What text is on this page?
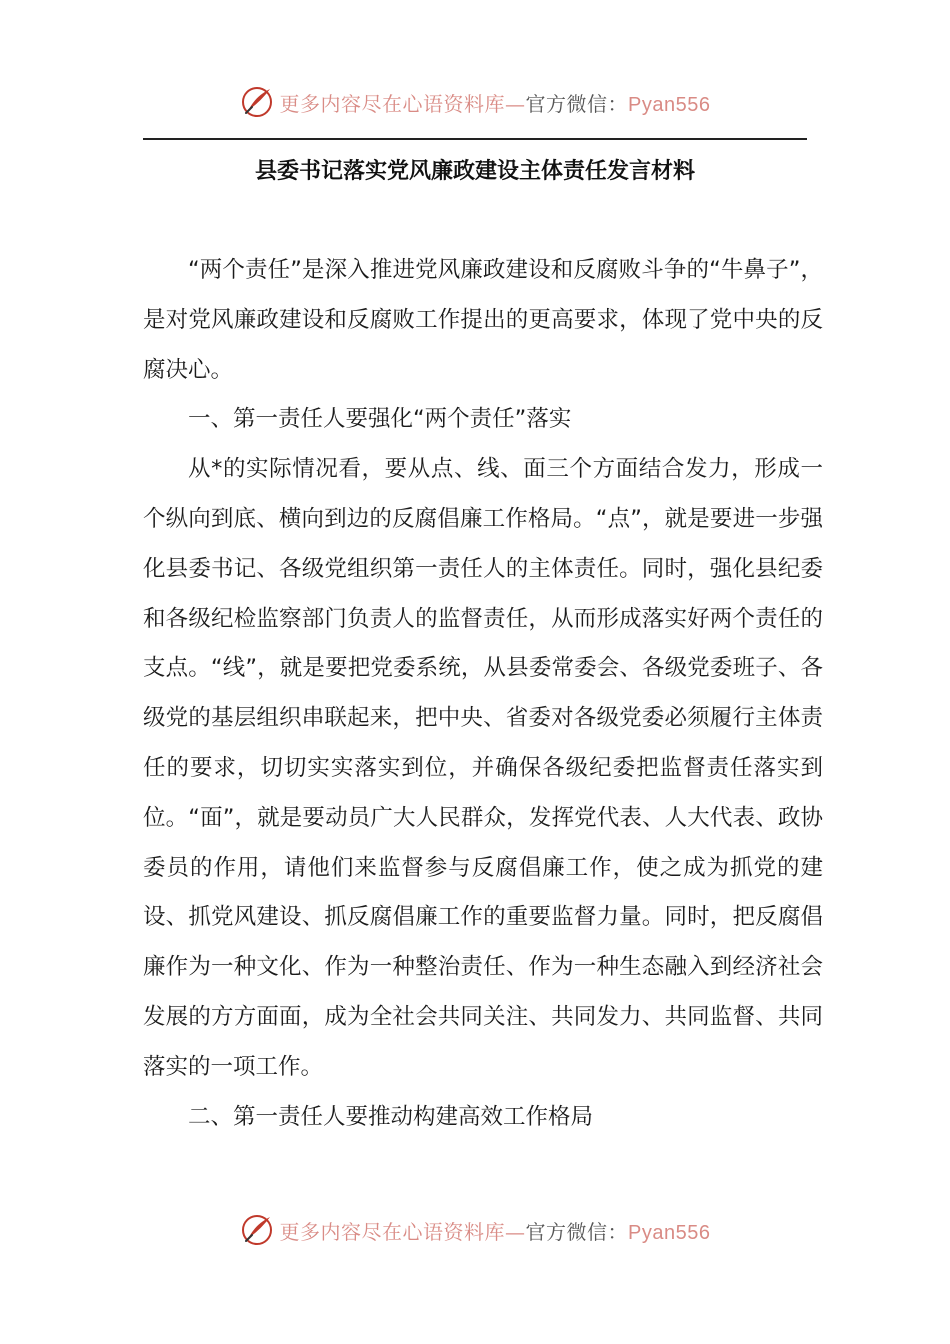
更多内容尽在心语资料库—官方微信：Pyan556
县委书记落实党风廉政建设主体责任发言材料

“两个责任”是深入推进党风廉政建设和反腐败斗争的“牛鼻子”，是对党风廉政建设和反腐败工作提出的更高要求，体现了党中央的反腐决心。

一、第一责任人要强化“两个责任”落实

从*的实际情况看，要从点、线、面三个方面结合发力，形成一个纵向到底、横向到边的反腐倡廉工作格局。“点”，就是要进一步强化县委书记、各级党组织第一责任人的主体责任。同时，强化县纪委和各级纪检监察部门负责人的监督责任，从而形成落实好两个责任的支点。“线”，就是要把党委系统，从县委常委会、各级党委班子、各级党的基层组织串联起来，把中央、省委对各级党委必须履行主体责任的要求，切切实实落实到位，并确保各级纪委把监督责任落实到位。“面”，就是要动员广大人民群众，发挥党代表、人大代表、政协委员的作用，请他们来监督参与反腐倡廉工作，使之成为抓党的建设、抓党风建设、抓反腐倡廉工作的重要监督力量。同时，把反腐倡廉作为一种文化、作为一种整治责任、作为一种生态融入到经济社会发展的方方面面，成为全社会共同关注、共同发力、共同监督、共同落实的一项工作。

二、第一责任人要推动构建高效工作格局

更多内容尽在心语资料库—官方微信：Pyan556
